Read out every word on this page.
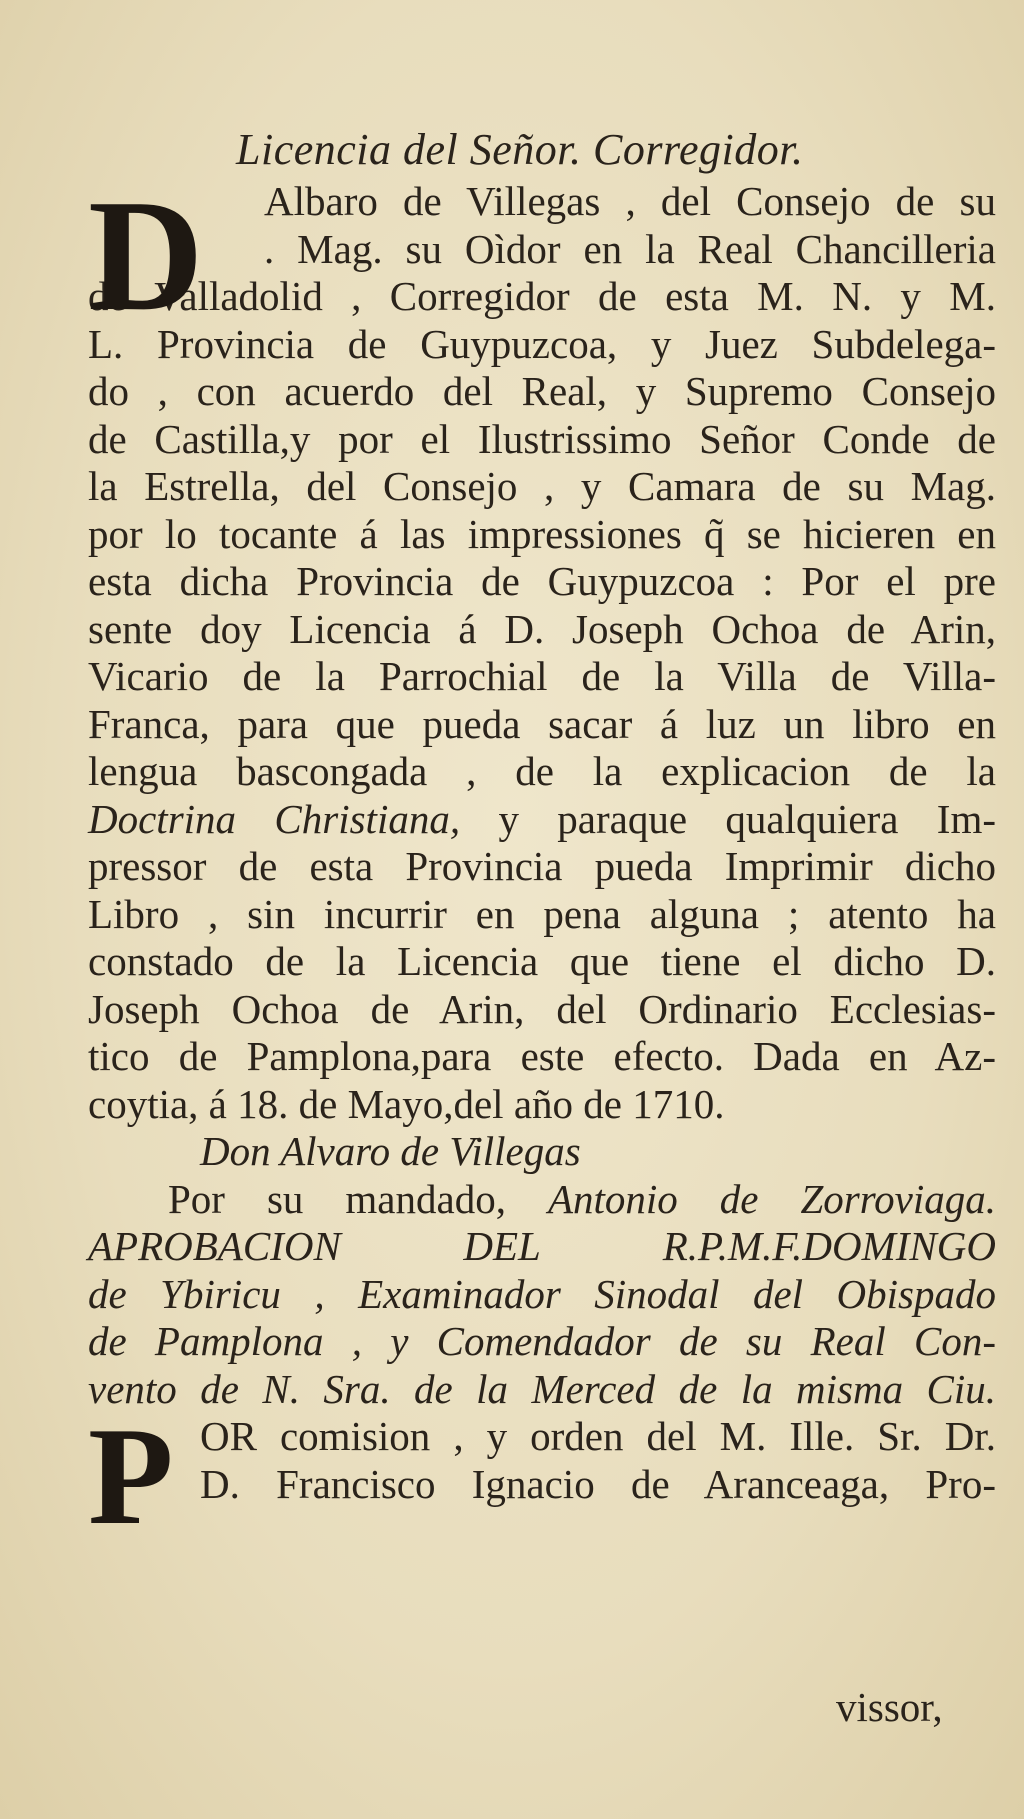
Licencia del Señor. Corregidor.
D	Albaro de Villegas , del Consejo de su
. Mag. su Oìdor en la Real Chancilleria
de Valladolid , Corregidor de esta M. N. y M.
L. Provincia de Guypuzcoa, y Juez Subdelega-
do , con acuerdo del Real, y Supremo Consejo
de Castilla,y por el Ilustrissimo Señor Conde de
la Estrella, del Consejo , y Camara de su Mag.
por lo tocante á las impressiones q̃ se hicieren en
esta dicha Provincia de Guypuzcoa : Por el pre
sente doy Licencia á D. Joseph Ochoa de Arin,
Vicario de la Parrochial de la Villa de Villa-
Franca, para que pueda sacar á luz un libro en
lengua bascongada , de la explicacion de la
Doctrina Christiana, y paraque qualquiera Im-
pressor de esta Provincia pueda Imprimir dicho
Libro , sin incurrir en pena alguna ; atento ha
constado de la Licencia que tiene el dicho D.
Joseph Ochoa de Arin, del Ordinario Ecclesias-
tico de Pamplona,para este efecto. Dada en Az-
coytia, á 18. de Mayo,del año de 1710.
Don Alvaro de Villegas
Por su mandado, Antonio de Zorroviaga.
APROBACION DEL R.P.M.F.DOMINGO
de Ybiricu , Examinador Sinodal del Obispado
de Pamplona , y Comendador de su Real Con-
vento de N. Sra. de la Merced de la misma Ciu.
P OR comision , y orden del M. Ille. Sr. Dr.
D. Francisco Ignacio de Aranceaga, Pro-
vissor,
